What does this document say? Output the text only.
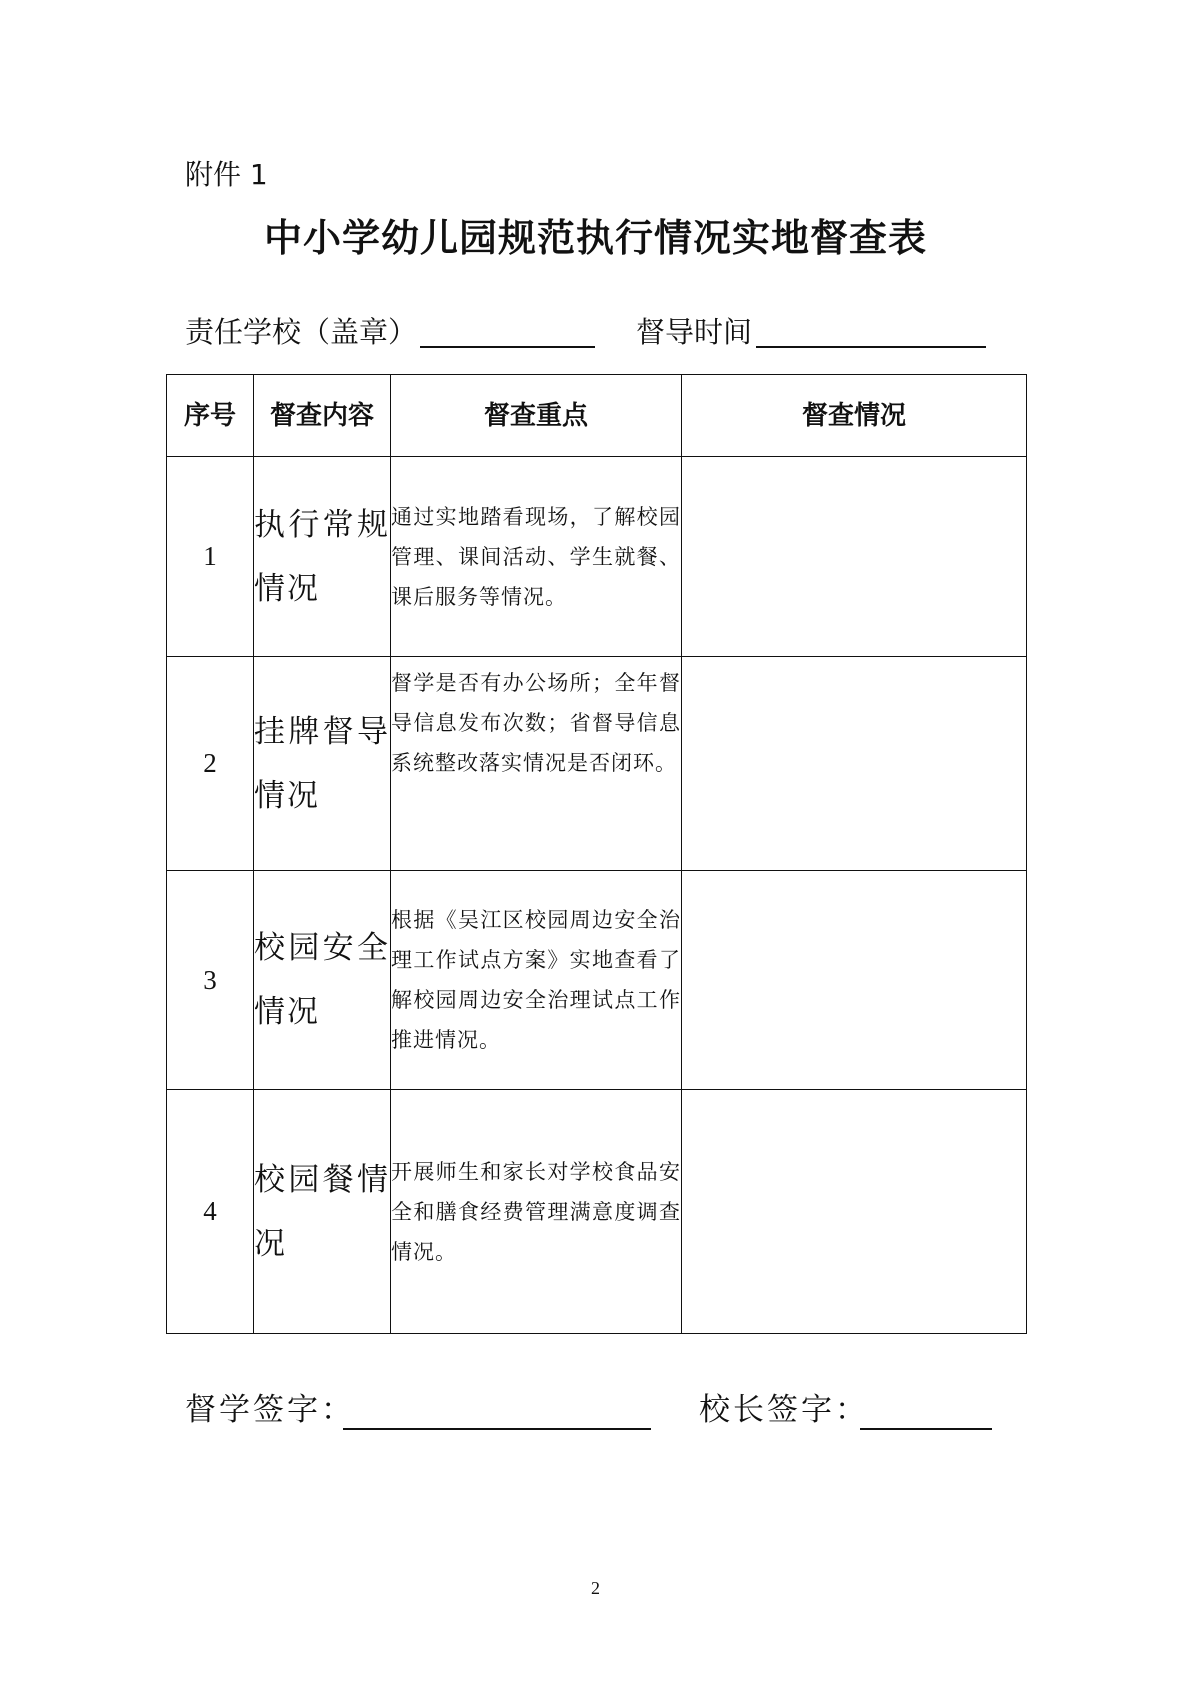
附件 1
中小学幼儿园规范执行情况实地督查表
责任学校（盖章）	督导时间
序号	督查内容	督查重点	督查情况
1	执行常规情况	通过实地踏看现场，了解校园管理、课间活动、学生就餐、课后服务等情况。	
2	挂牌督导情况	督学是否有办公场所；全年督导信息发布次数；省督导信息系统整改落实情况是否闭环。	
3	校园安全情况	根据《吴江区校园周边安全治理工作试点方案》实地查看了解校园周边安全治理试点工作推进情况。	
4	校园餐情况	开展师生和家长对学校食品安全和膳食经费管理满意度调查情况。	
督学签字：	校长签字：
2
